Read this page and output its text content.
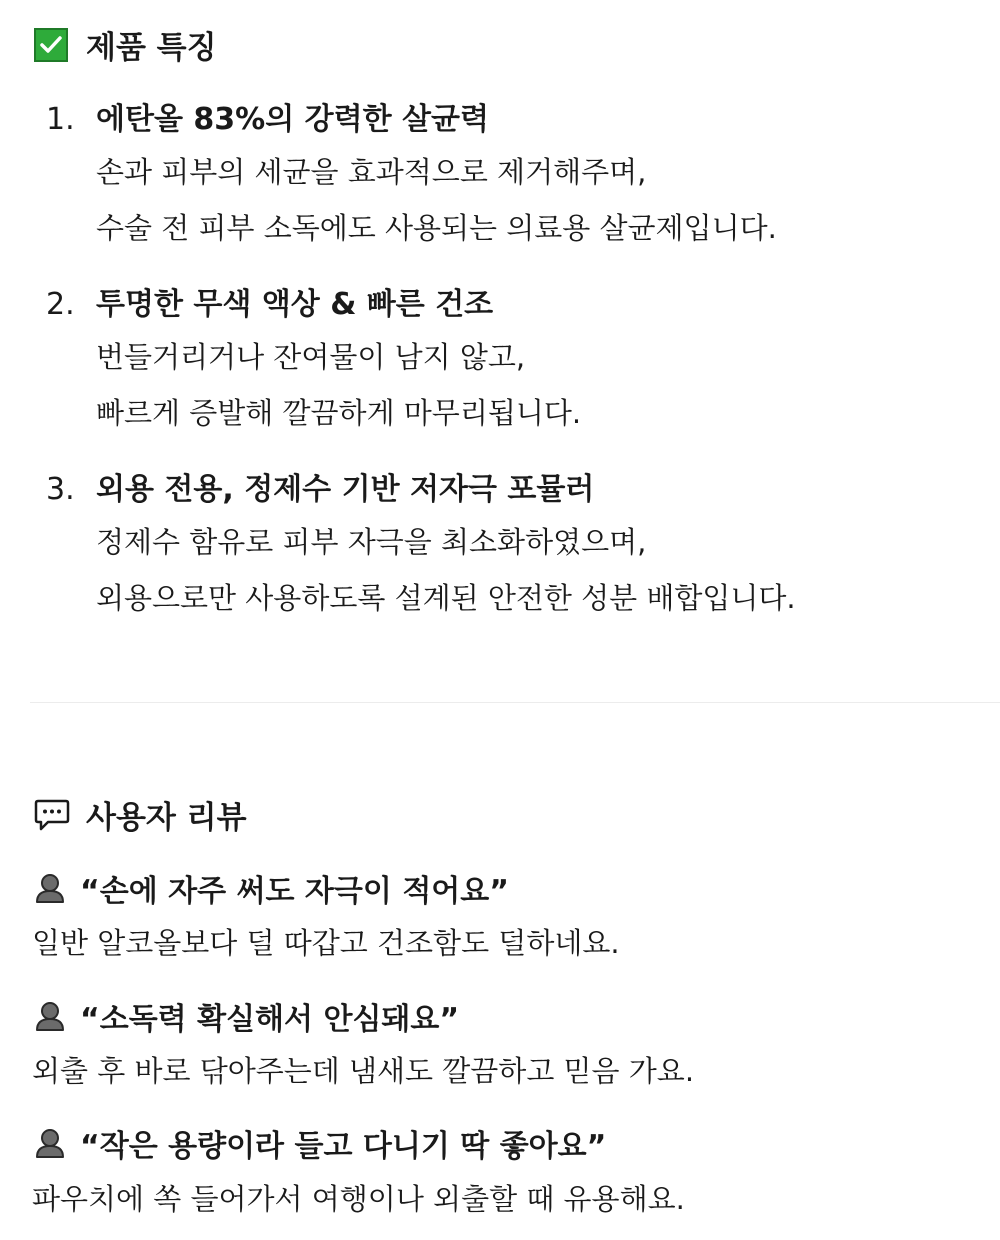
제품 특징
1. 에탄올 83%의 강력한 살균력
손과 피부의 세균을 효과적으로 제거해주며,
수술 전 피부 소독에도 사용되는 의료용 살균제입니다.
2. 투명한 무색 액상 & 빠른 건조
번들거리거나 잔여물이 남지 않고,
빠르게 증발해 깔끔하게 마무리됩니다.
3. 외용 전용, 정제수 기반 저자극 포뮬러
정제수 함유로 피부 자극을 최소화하였으며,
외용으로만 사용하도록 설계된 안전한 성분 배합입니다.
사용자 리뷰
“손에 자주 써도 자극이 적어요”
일반 알코올보다 덜 따갑고 건조함도 덜하네요.
“소독력 확실해서 안심돼요”
외출 후 바로 닦아주는데 냄새도 깔끔하고 믿음 가요.
“작은 용량이라 들고 다니기 딱 좋아요”
파우치에 쏙 들어가서 여행이나 외출할 때 유용해요.
